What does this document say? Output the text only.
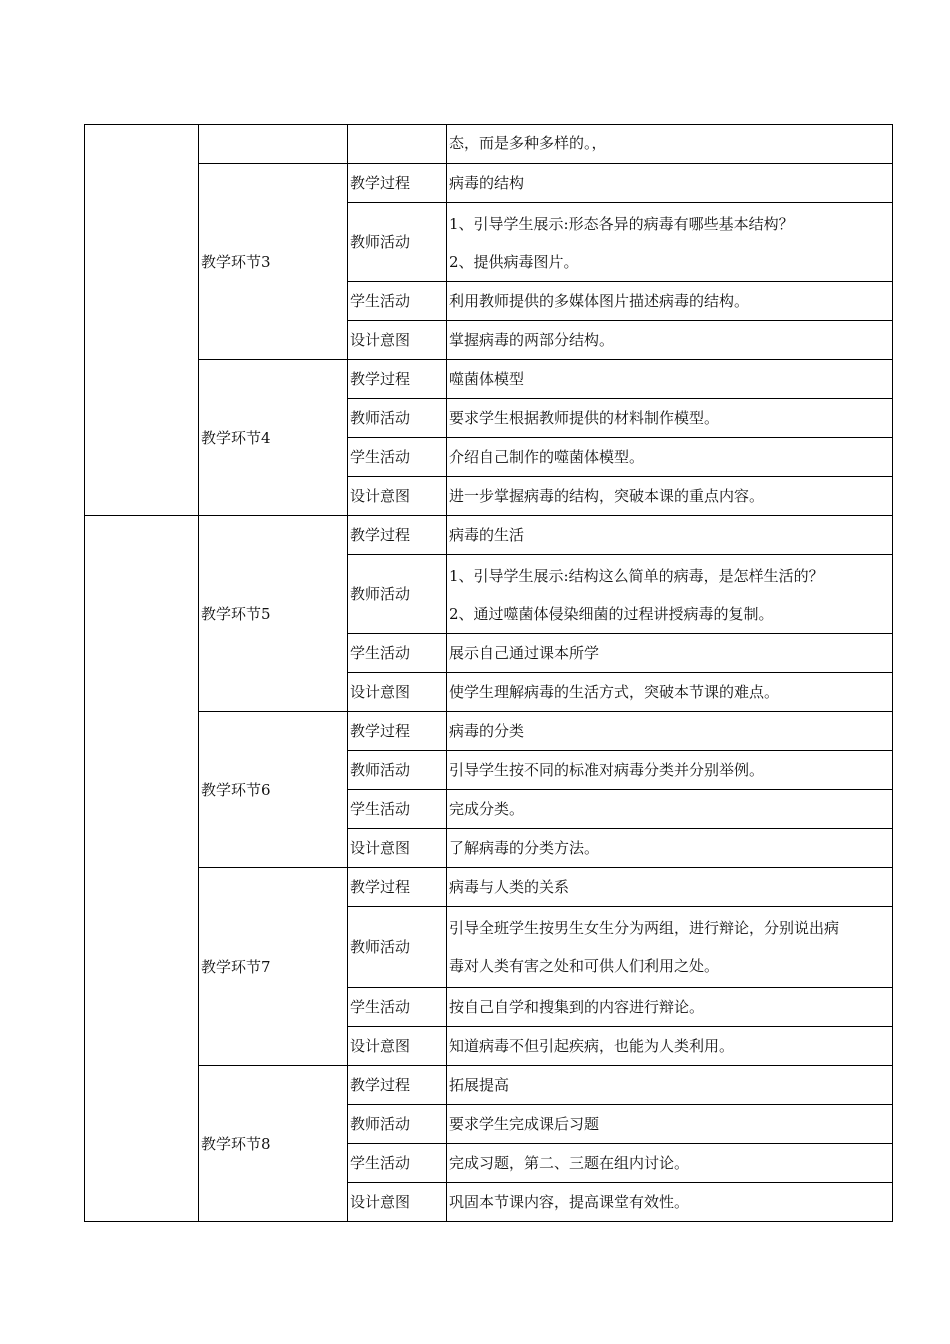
			态，而是多种多样的。，
	教学环节3	教学过程	病毒的结构
		教师活动	1、引导学生展示:形态各异的病毒有哪些基本结构？
2、提供病毒图片。

		学生活动	利用教师提供的多媒体图片描述病毒的结构。
		设计意图	掌握病毒的两部分结构。
	教学环节4	教学过程	噬菌体模型
		教师活动	要求学生根据教师提供的材料制作模型。
		学生活动	介绍自己制作的噬菌体模型。
		设计意图	进一步掌握病毒的结构，突破本课的重点内容。
	教学环节5	教学过程	病毒的生活
		教师活动	1、引导学生展示:结构这么简单的病毒，是怎样生活的？
2、通过噬菌体侵染细菌的过程讲授病毒的复制。

		学生活动	展示自己通过课本所学
		设计意图	使学生理解病毒的生活方式，突破本节课的难点。
	教学环节6	教学过程	病毒的分类
		教师活动	引导学生按不同的标准对病毒分类并分别举例。
		学生活动	完成分类。
		设计意图	了解病毒的分类方法。
	教学环节7	教学过程	病毒与人类的关系
		教师活动	引导全班学生按男生女生分为两组，进行辩论，分别说出病
毒对人类有害之处和可供人们利用之处。

		学生活动	按自己自学和搜集到的内容进行辩论。
		设计意图	知道病毒不但引起疾病，也能为人类利用。
	教学环节8	教学过程	拓展提高
		教师活动	要求学生完成课后习题
		学生活动	完成习题，第二、三题在组内讨论。
		设计意图	巩固本节课内容，提高课堂有效性。
